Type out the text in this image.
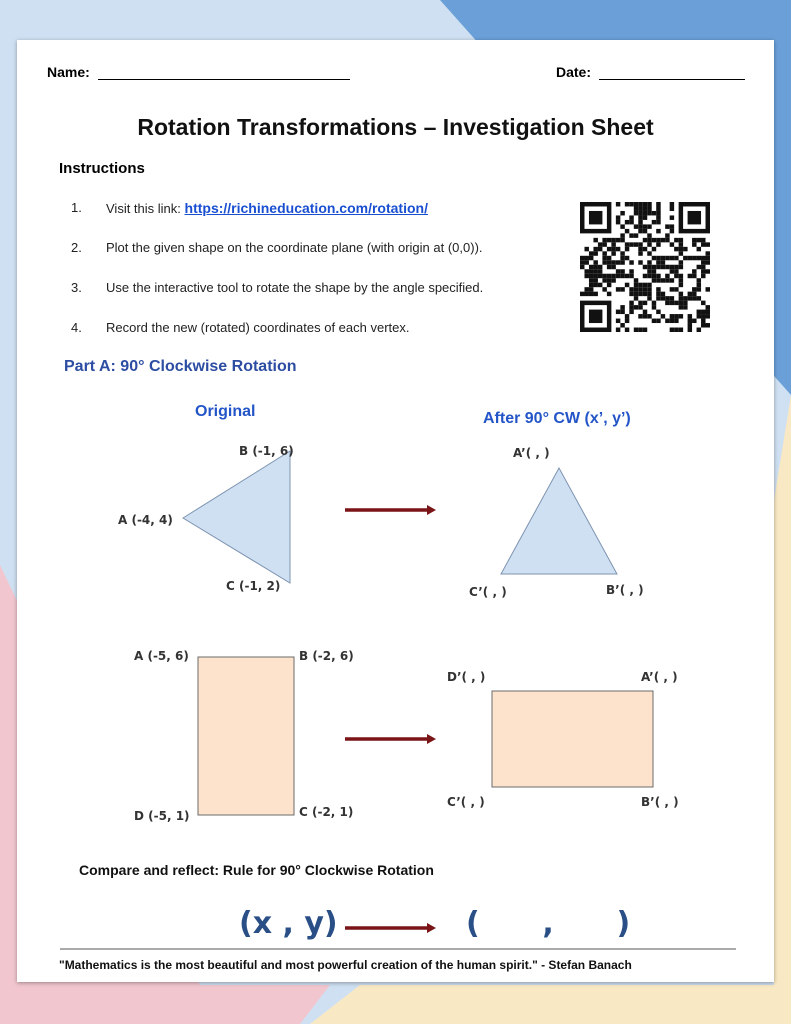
Name:	Date:
Rotation Transformations – Investigation Sheet
Instructions
1. Visit this link: https://richineducation.com/rotation/
2. Plot the given shape on the coordinate plane (with origin at (0,0)).
3. Use the interactive tool to rotate the shape by the angle specified.
4. Record the new (rotated) coordinates of each vertex.
Part A: 90° Clockwise Rotation
Original	After 90° CW (x’, y’)
A (-4, 4)
B (-1, 6)
C (-1, 2)
A’( , )
C’( , )	B’( , )
A (-5, 6)	B (-2, 6)
C (-2, 1)
D (-5, 1)
D’( , )	A’( , )
C’( , )	B’( , )
Compare and reflect: Rule for 90° Clockwise Rotation
(x , y)	(      ,      )
"Mathematics is the most beautiful and most powerful creation of the human spirit." - Stefan Banach
